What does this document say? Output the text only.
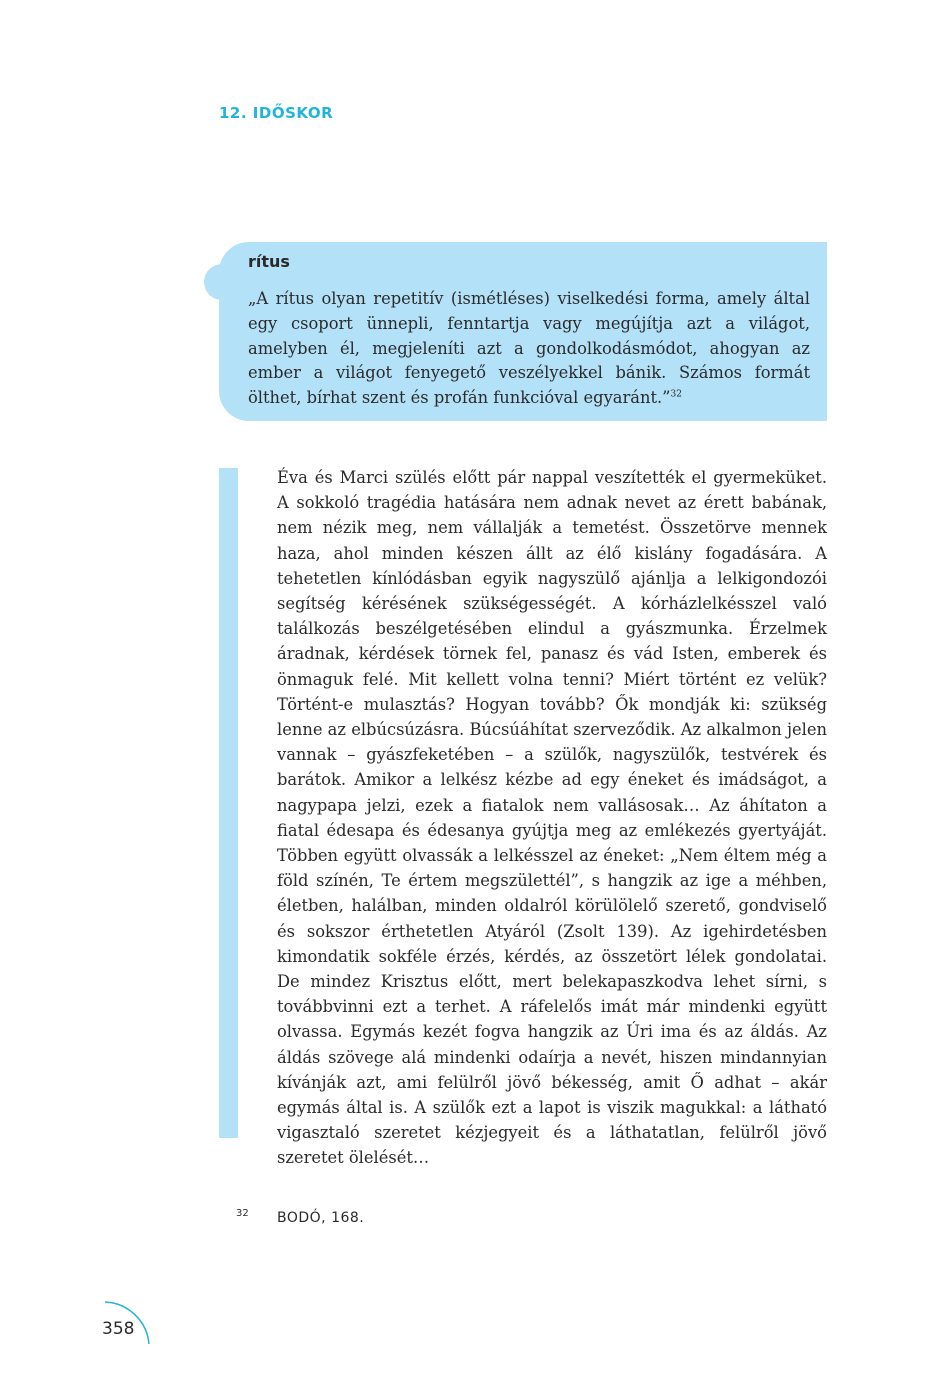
12. IDŐSKOR
rítus

„A rítus olyan repetitív (ismétléses) viselkedési forma, amely által egy csoport ünnepli, fenntartja vagy megújítja azt a világot, amelyben él, megjeleníti azt a gondolkodásmódot, ahogyan az ember a világot fenyegető veszélyekkel bánik. Számos formát ölthet, bírhat szent és profán funkcióval egyaránt.”$^{32}$

Éva és Marci szülés előtt pár nappal veszítették el gyermeküket. A sokkoló tragédia hatására nem adnak nevet az érett babának, nem nézik meg, nem vállalják a temetést. Összetörve mennek haza, ahol minden készen állt az élő kislány fogadására. A tehetetlen kínlódásban egyik nagyszülő ajánlja a lelkigondozói segítség kérésének szükségességét. A kórházlelkésszel való találkozás beszélgetésében elindul a gyászmunka. Érzelmek áradnak, kérdések törnek fel, panasz és vád Isten, emberek és önmaguk felé. Mit kellett volna tenni? Miért történt ez velük? Történt-e mulasztás? Hogyan tovább? Ők mondják ki: szükség lenne az elbúcsúzásra. Búcsúáhítat szerveződik. Az alkalmon jelen vannak – gyászfeketében – a szülők, nagyszülők, testvérek és barátok. Amikor a lelkész kézbe ad egy éneket és imádságot, a nagypapa jelzi, ezek a fiatalok nem vallásosak… Az áhítaton a fiatal édesapa és édesanya gyújtja meg az emlékezés gyertyáját. Többen együtt olvassák a lelkésszel az éneket: „Nem éltem még a föld színén, Te értem megszülettél”, s hangzik az ige a méhben, életben, halálban, minden oldalról körülölelő szerető, gondviselő és sokszor érthetetlen Atyáról (Zsolt 139). Az igehirdetésben kimondatik sokféle érzés, kérdés, az összetört lélek gondolatai. De mindez Krisztus előtt, mert belekapaszkodva lehet sírni, s továbbvinni ezt a terhet. A ráfelelős imát már mindenki együtt olvassa. Egymás kezét fogva hangzik az Úri ima és az áldás. Az áldás szövege alá mindenki odaírja a nevét, hiszen mindannyian kívánják azt, ami felülről jövő békesség, amit Ő adhat – akár egymás által is. A szülők ezt a lapot is viszik magukkal: a látható vigasztaló szeretet kézjegyeit és a láthatatlan, felülről jövő szeretet ölelését…

32 BODÓ, 168.
358
